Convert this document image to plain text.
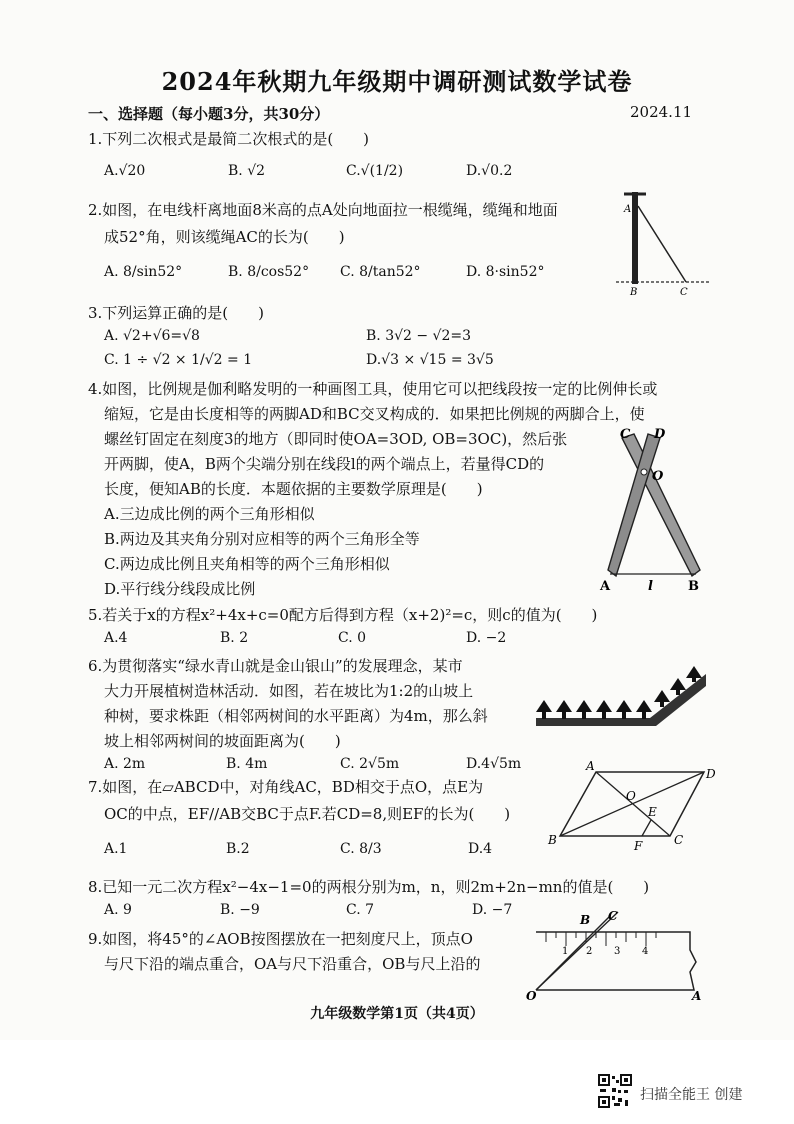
2024年秋期九年级期中调研测试数学试卷
一、选择题（每小题3分，共30分）	2024.11
1.下列二次根式是最简二次根式的是(　　)
A.√20	B. √2	C.√(1/2)	D.√0.2
2.如图，在电线杆离地面8米高的点A处向地面拉一根缆绳，缆绳和地面
成52°角，则该缆绳AC的长为(　　)
A. 8/sin52°	B. 8/cos52° C. 8/tan52°	D. 8·sin52°
A
B	C
3.下列运算正确的是(　　)
A. √2+√6=√8	B. 3√2 − √2=3
C. 1 ÷ √2 × 1/√2 = 1	D.√3 × √15 = 3√5
4.如图，比例规是伽利略发明的一种画图工具，使用它可以把线段按一定的比例伸长或
缩短，它是由长度相等的两脚AD和BC交叉构成的．如果把比例规的两脚合上，使
螺丝钉固定在刻度3的地方（即同时使OA=3OD, OB=3OC)，然后张
开两脚，使A，B两个尖端分别在线段l的两个端点上，若量得CD的
长度，便知AB的长度．本题依据的主要数学原理是(　　)
A.三边成比例的两个三角形相似
B.两边及其夹角分别对应相等的两个三角形全等
C.两边成比例且夹角相等的两个三角形相似
D.平行线分线段成比例
C D
O
A	l	B
5.若关于x的方程x²+4x+c=0配方后得到方程（x+2)²=c，则c的值为(　　)
A.4	B. 2	C. 0	D. −2
6.为贯彻落实“绿水青山就是金山银山”的发展理念，某市
大力开展植树造林活动．如图，若在坡比为1:2的山坡上
种树，要求株距（相邻两树间的水平距离）为4m，那么斜
坡上相邻两树间的坡面距离为(　　)
A. 2m	B. 4m	C. 2√5m	D.4√5m
7.如图，在▱ABCD中，对角线AC，BD相交于点O，点E为
OC的中点，EF//AB交BC于点F.若CD=8,则EF的长为(　　)
A.1	B.2	C. 8/3	D.4
A
D
O
E
B	F	C
8.已知一元二次方程x²−4x−1=0的两根分别为m，n，则2m+2n−mn的值是(　　)
A. 9	B. −9	C. 7	D. −7
9.如图，将45°的∠AOB按图摆放在一把刻度尺上，顶点O
与尺下沿的端点重合，OA与尺下沿重合，OB与尺上沿的
1 2 3 4
B C
O	A
九年级数学第1页（共4页）
扫描全能王 创建
